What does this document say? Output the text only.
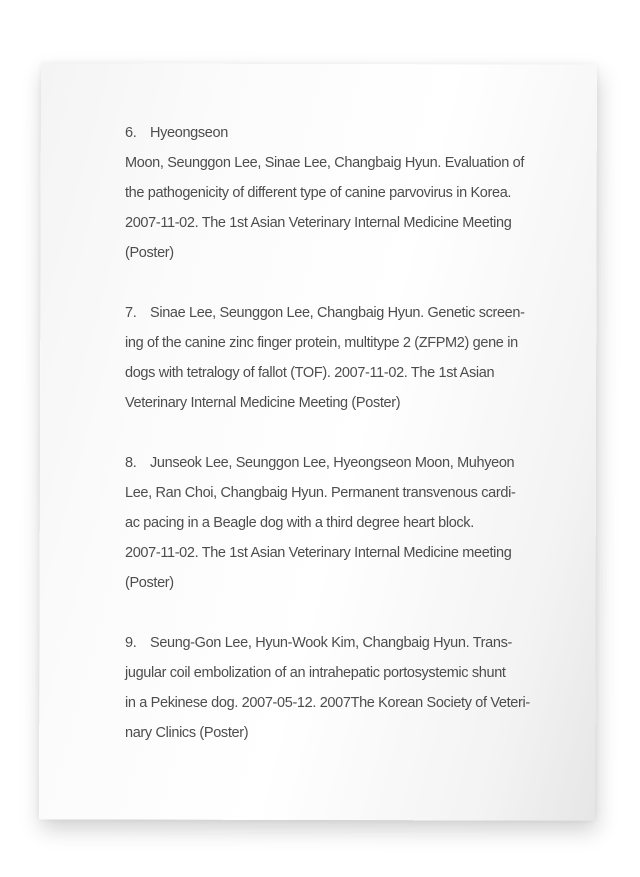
6. Hyeongseon
Moon, Seunggon Lee, Sinae Lee, Changbaig Hyun. Evaluation of
the pathogenicity of different type of canine parvovirus in Korea.
2007-11-02. The 1st Asian Veterinary Internal Medicine Meeting
(Poster)
7. Sinae Lee, Seunggon Lee, Changbaig Hyun. Genetic screen-
ing of the canine zinc finger protein, multitype 2 (ZFPM2) gene in
dogs with tetralogy of fallot (TOF). 2007-11-02. The 1st Asian
Veterinary Internal Medicine Meeting (Poster)
8. Junseok Lee, Seunggon Lee, Hyeongseon Moon, Muhyeon
Lee, Ran Choi, Changbaig Hyun. Permanent transvenous cardi-
ac pacing in a Beagle dog with a third degree heart block.
2007-11-02. The 1st Asian Veterinary Internal Medicine meeting
(Poster)
9. Seung-Gon Lee, Hyun-Wook Kim, Changbaig Hyun. Trans-
jugular coil embolization of an intrahepatic portosystemic shunt
in a Pekinese dog. 2007-05-12. 2007The Korean Society of Veteri-
nary Clinics (Poster)
